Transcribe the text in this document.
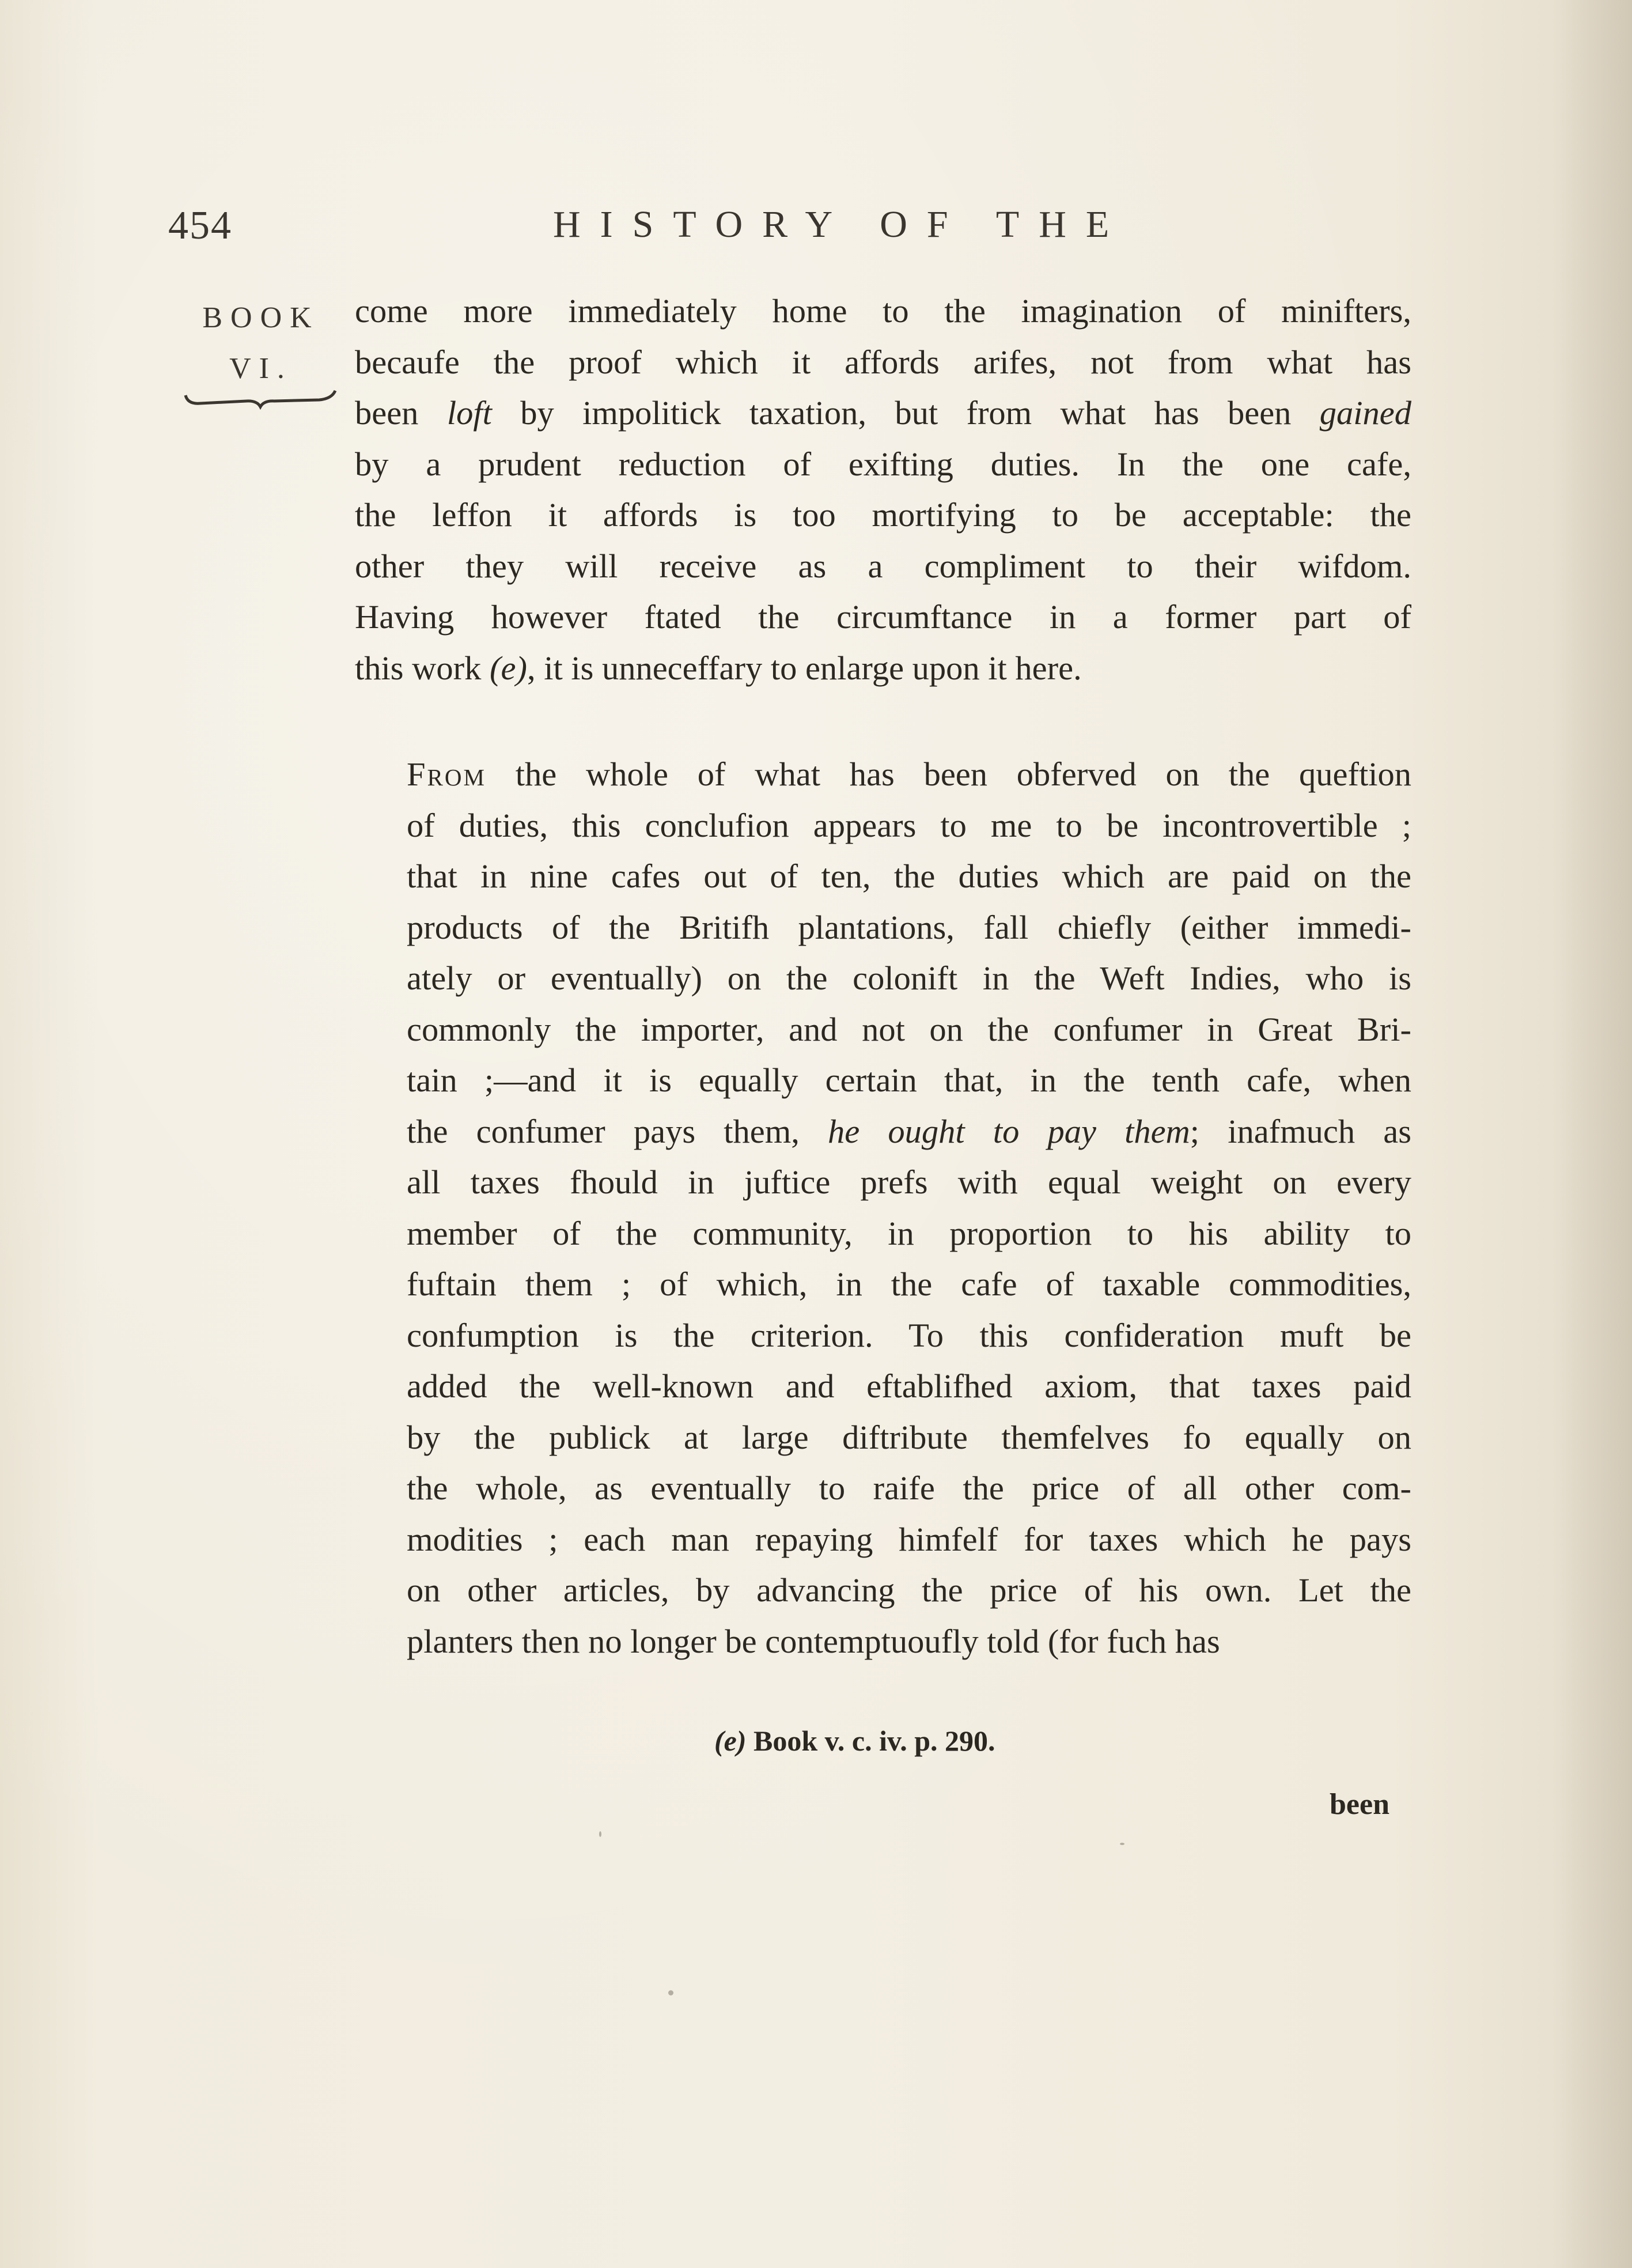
454	HISTORY OF THE
BOOK
VI.
come more immediately home to the imagination of minifters,
becaufe the proof which it affords arifes, not from what has
been loft by impolitick taxation, but from what has been gained
by a prudent reduction of exifting duties. In the one cafe,
the leffon it affords is too mortifying to be acceptable: the
other they will receive as a compliment to their wifdom.
Having however ftated the circumftance in a former part of
this work (e), it is unneceffary to enlarge upon it here.
From the whole of what has been obferved on the queftion
of duties, this conclufion appears to me to be incontrovertible ;
that in nine cafes out of ten, the duties which are paid on the
products of the Britifh plantations, fall chiefly (either immedi-
ately or eventually) on the colonift in the Weft Indies, who is
commonly the importer, and not on the confumer in Great Bri-
tain ;—and it is equally certain that, in the tenth cafe, when
the confumer pays them, he ought to pay them; inafmuch as
all taxes fhould in juftice prefs with equal weight on every
member of the community, in proportion to his ability to
fuftain them ; of which, in the cafe of taxable commodities,
confumption is the criterion. To this confideration muft be
added the well-known and eftablifhed axiom, that taxes paid
by the publick at large diftribute themfelves fo equally on
the whole, as eventually to raife the price of all other com-
modities ; each man repaying himfelf for taxes which he pays
on other articles, by advancing the price of his own. Let the
planters then no longer be contemptuoufly told (for fuch has
(e) Book v. c. iv. p. 290.
been
